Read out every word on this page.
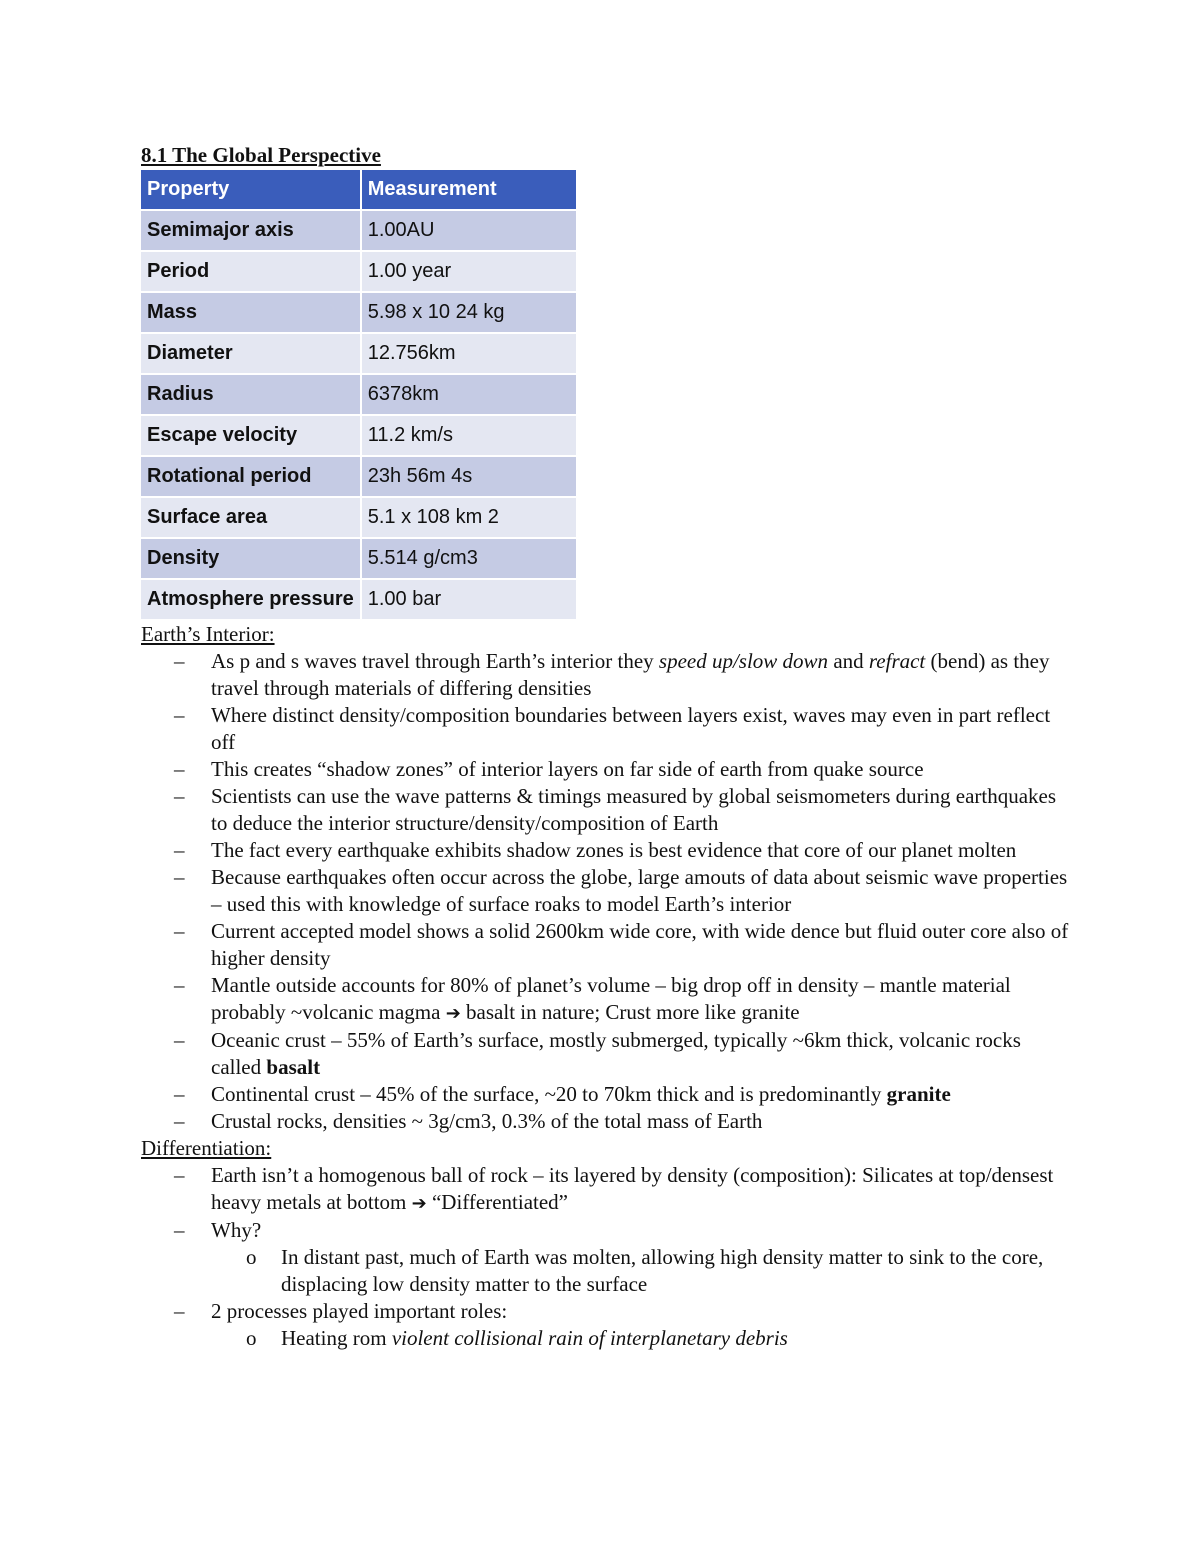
8.1 The Global Perspective
Property	Measurement
Semimajor axis	1.00AU
Period	1.00 year
Mass	5.98 x 10 24 kg
Diameter	12.756km
Radius	6378km
Escape velocity	11.2 km/s
Rotational period	23h 56m 4s
Surface area	5.1 x 108 km 2
Density	5.514 g/cm3
Atmosphere pressure	1.00 bar

Earth’s Interior:

– As p and s waves travel through Earth’s interior they speed up/slow down and refract (bend) as they travel through materials of differing densities
– Where distinct density/composition boundaries between layers exist, waves may even in part reflect off
– This creates “shadow zones” of interior layers on far side of earth from quake source
– Scientists can use the wave patterns & timings measured by global seismometers during earthquakes to deduce the interior structure/density/composition of Earth
– The fact every earthquake exhibits shadow zones is best evidence that core of our planet molten
– Because earthquakes often occur across the globe, large amouts of data about seismic wave properties – used this with knowledge of surface roaks to model Earth’s interior
– Current accepted model shows a solid 2600km wide core, with wide dence but fluid outer core also of higher density
– Mantle outside accounts for 80% of planet’s volume – big drop off in density – mantle material probably ~volcanic magma ➔ basalt in nature; Crust more like granite
– Oceanic crust – 55% of Earth’s surface, mostly submerged, typically ~6km thick, volcanic rocks called basalt
– Continental crust – 45% of the surface, ~20 to 70km thick and is predominantly granite
– Crustal rocks, densities ~ 3g/cm3, 0.3% of the total mass of Earth

Differentiation:

– Earth isn’t a homogenous ball of rock – its layered by density (composition): Silicates at top/densest heavy metals at bottom ➔ “Differentiated”
– Why?
o In distant past, much of Earth was molten, allowing high density matter to sink to the core, displacing low density matter to the surface
– 2 processes played important roles:
o Heating rom violent collisional rain of interplanetary debris
